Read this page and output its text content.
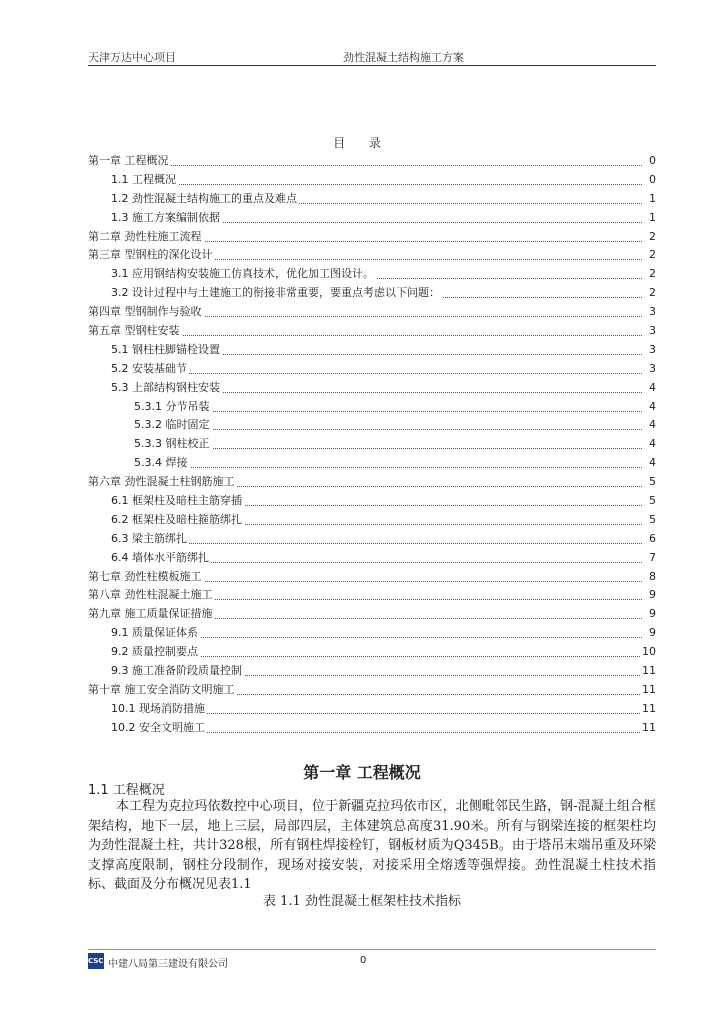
天津万达中心项目	劲性混凝土结构施工方案
目 录
第一章 工程概况	0
1.1 工程概况	0
1.2 劲性混凝土结构施工的重点及难点	1
1.3 施工方案编制依据	1
第二章 劲性柱施工流程	2
第三章 型钢柱的深化设计	2
3.1 应用钢结构安装施工仿真技术，优化加工图设计。	2
3.2 设计过程中与土建施工的衔接非常重要，要重点考虑以下问题：	2
第四章 型钢制作与验收	3
第五章 型钢柱安装	3
5.1 钢柱柱脚锚栓设置	3
5.2 安装基础节	3
5.3 上部结构钢柱安装	4
5.3.1 分节吊装	4
5.3.2 临时固定	4
5.3.3 钢柱校正	4
5.3.4 焊接	4
第六章 劲性混凝土柱钢筋施工	5
6.1 框架柱及暗柱主筋穿插	5
6.2 框架柱及暗柱箍筋绑扎	5
6.3 梁主筋绑扎	6
6.4 墙体水平筋绑扎	7
第七章 劲性柱模板施工	8
第八章 劲性柱混凝土施工	9
第九章 施工质量保证措施	9
9.1 质量保证体系	9
9.2 质量控制要点	10
9.3 施工准备阶段质量控制	11
第十章 施工安全消防文明施工	11
10.1 现场消防措施	11
10.2 安全文明施工	11
第一章 工程概况
1.1 工程概况

本工程为克拉玛依数控中心项目，位于新疆克拉玛依市区，北侧毗邻民生路，钢-混凝土组合框架结构，地下一层，地上三层，局部四层，主体建筑总高度31.90米。所有与钢梁连接的框架柱均为劲性混凝土柱，共计328根，所有钢柱焊接栓钉，钢板材质为Q345B。由于塔吊末端吊重及环梁支撑高度限制，钢柱分段制作，现场对接安装，对接采用全熔透等强焊接。劲性混凝土柱技术指标、截面及分布概况见表1.1

表 1.1 劲性混凝土框架柱技术指标
CSCEC
中建八局第三建设有限公司	0
